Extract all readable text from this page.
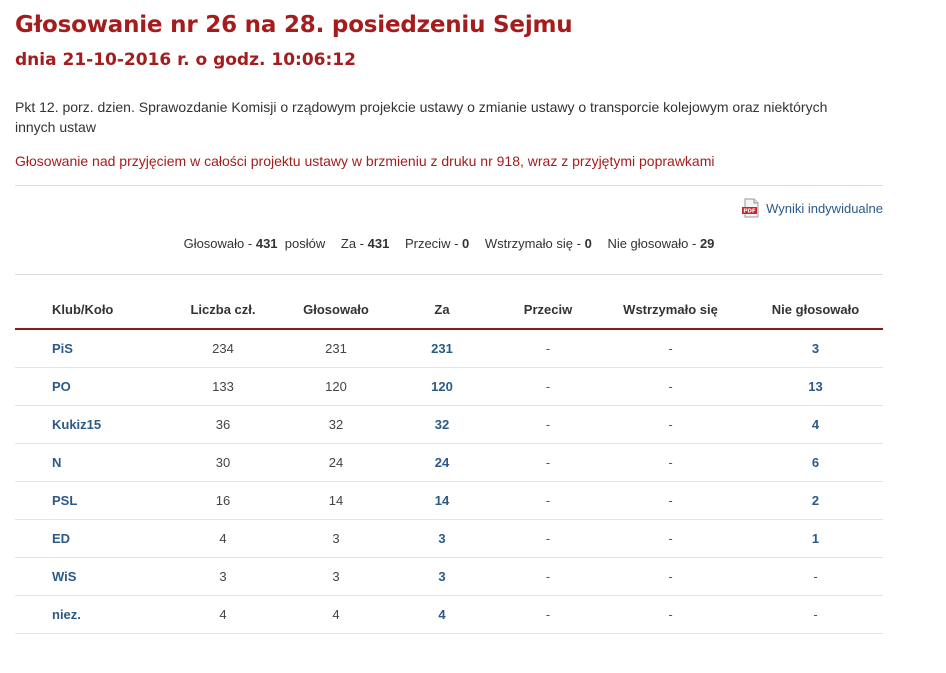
Głosowanie nr 26 na 28. posiedzeniu Sejmu
dnia 21-10-2016 r. o godz. 10:06:12
Pkt 12. porz. dzien. Sprawozdanie Komisji o rządowym projekcie ustawy o zmianie ustawy o transporcie kolejowym oraz niektórych innych ustaw
Głosowanie nad przyjęciem w całości projektu ustawy w brzmieniu z druku nr 918, wraz z przyjętymi poprawkami
PDF Wyniki indywidualne
Głosowało - 431 posłów Za - 431 Przeciw - 0 Wstrzymało się - 0 Nie głosowało - 29
Klub/Koło	Liczba czł.	Głosowało	Za	Przeciw	Wstrzymało się	Nie głosowało
PiS	234	231	231	-	-	3
PO	133	120	120	-	-	13
Kukiz15	36	32	32	-	-	4
N	30	24	24	-	-	6
PSL	16	14	14	-	-	2
ED	4	3	3	-	-	1
WiS	3	3	3	-	-	-
niez.	4	4	4	-	-	-
